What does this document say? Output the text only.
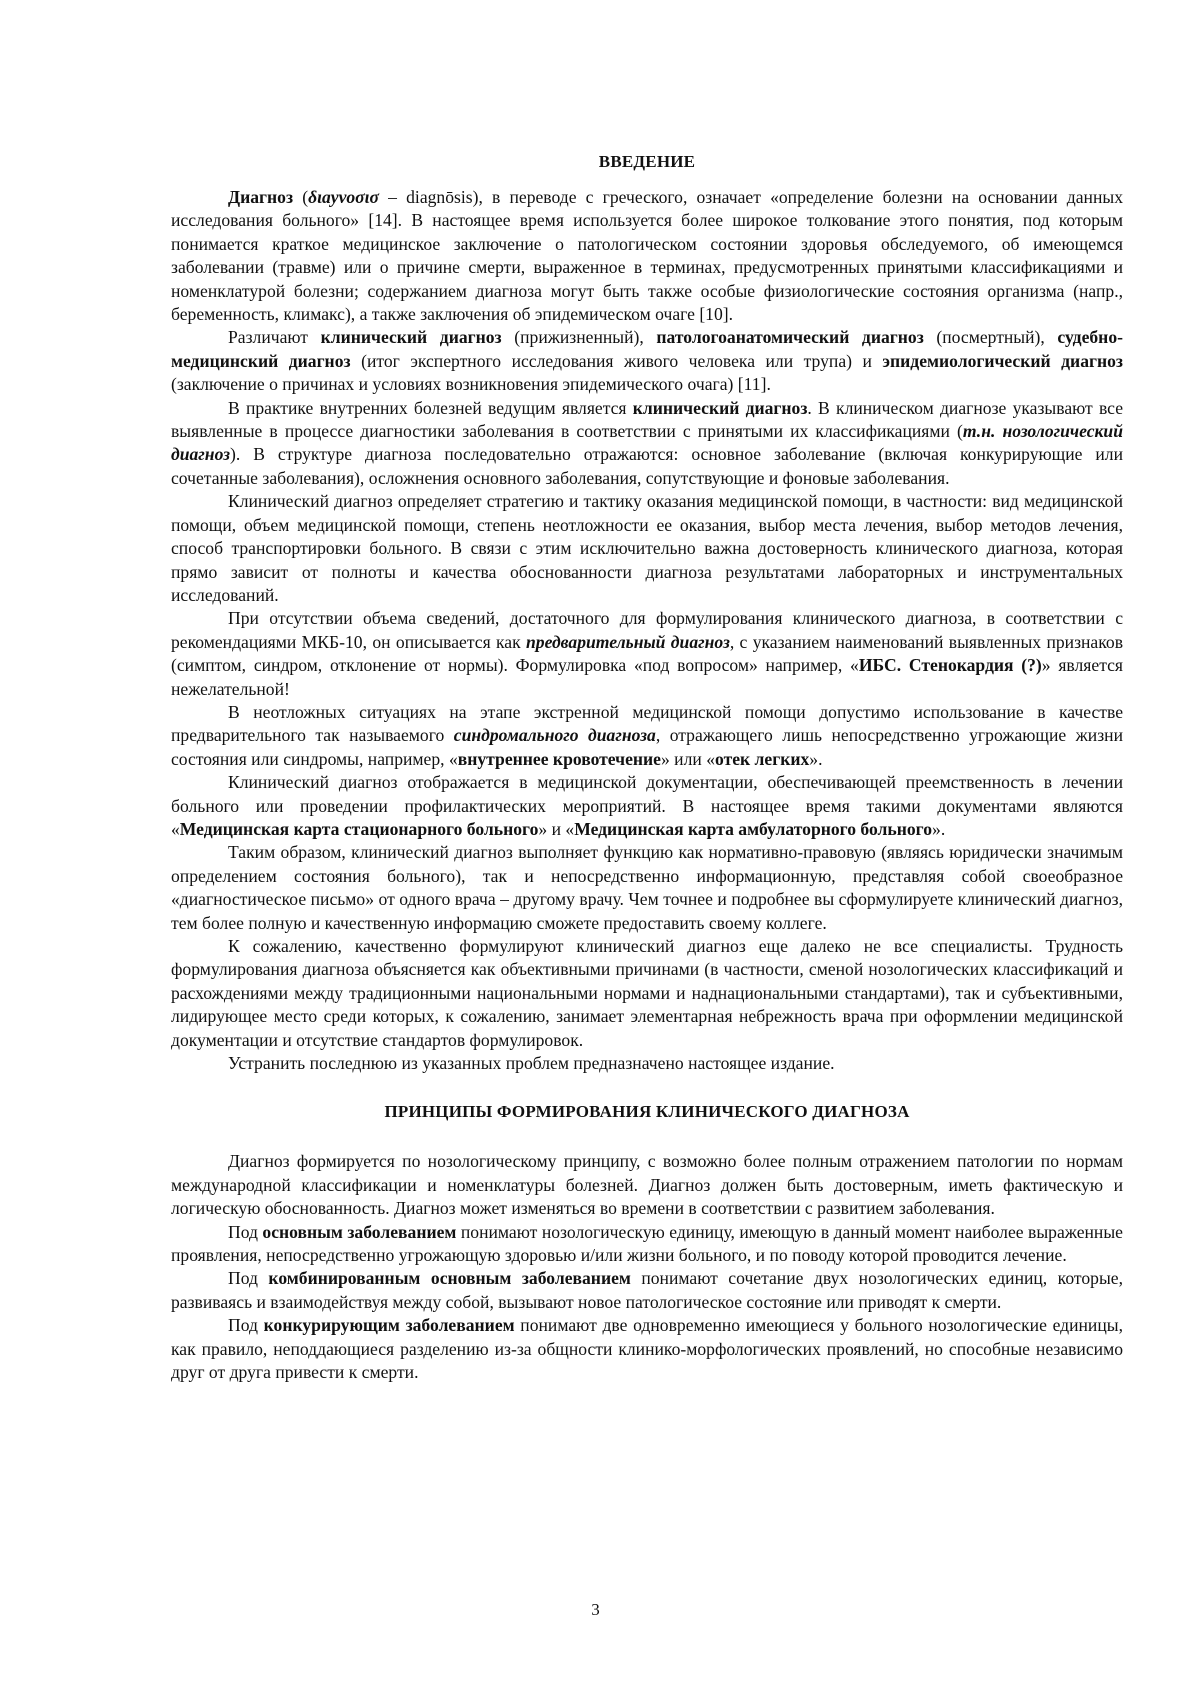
ВВЕДЕНИЕ

Диагноз (διayvoσισ – diagnōsis), в переводе с греческого, означает «определение болезни на основании данных исследования больного» [14]. В настоящее время используется более широкое толкование этого понятия, под которым понимается краткое медицинское заключение о патологическом состоянии здоровья обследуемого, об имеющемся заболевании (травме) или о причине смерти, выраженное в терминах, предусмотренных принятыми классификациями и номенклатурой болезни; содержанием диагноза могут быть также особые физиологические состояния организма (напр., беременность, климакс), а также заключения об эпидемическом очаге [10].

Различают клинический диагноз (прижизненный), патологоанатомический диагноз (посмертный), судебно-медицинский диагноз (итог экспертного исследования живого человека или трупа) и эпидемиологический диагноз (заключение о причинах и условиях возникновения эпидемического очага) [11].

В практике внутренних болезней ведущим является клинический диагноз. В клиническом диагнозе указывают все выявленные в процессе диагностики заболевания в соответствии с принятыми их классификациями (т.н. нозологический диагноз). В структуре диагноза последовательно отражаются: основное заболевание (включая конкурирующие или сочетанные заболевания), осложнения основного заболевания, сопутствующие и фоновые заболевания.

Клинический диагноз определяет стратегию и тактику оказания медицинской помощи, в частности: вид медицинской помощи, объем медицинской помощи, степень неотложности ее оказания, выбор места лечения, выбор методов лечения, способ транспортировки больного. В связи с этим исключительно важна достоверность клинического диагноза, которая прямо зависит от полноты и качества обоснованности диагноза результатами лабораторных и инструментальных исследований.

При отсутствии объема сведений, достаточного для формулирования клинического диагноза, в соответствии с рекомендациями МКБ-10, он описывается как предварительный диагноз, с указанием наименований выявленных признаков (симптом, синдром, отклонение от нормы). Формулировка «под вопросом» например, «ИБС. Стенокардия (?)» является нежелательной!

В неотложных ситуациях на этапе экстренной медицинской помощи допустимо использование в качестве предварительного так называемого синдромального диагноза, отражающего лишь непосредственно угрожающие жизни состояния или синдромы, например, «внутреннее кровотечение» или «отек легких».

Клинический диагноз отображается в медицинской документации, обеспечивающей преемственность в лечении больного или проведении профилактических мероприятий. В настоящее время такими документами являются «Медицинская карта стационарного больного» и «Медицинская карта амбулаторного больного».

Таким образом, клинический диагноз выполняет функцию как нормативно-правовую (являясь юридически значимым определением состояния больного), так и непосредственно информационную, представляя собой своеобразное «диагностическое письмо» от одного врача – другому врачу. Чем точнее и подробнее вы сформулируете клинический диагноз, тем более полную и качественную информацию сможете предоставить своему коллеге.

К сожалению, качественно формулируют клинический диагноз еще далеко не все специалисты. Трудность формулирования диагноза объясняется как объективными причинами (в частности, сменой нозологических классификаций и расхождениями между традиционными национальными нормами и наднациональными стандартами), так и субъективными, лидирующее место среди которых, к сожалению, занимает элементарная небрежность врача при оформлении медицинской документации и отсутствие стандартов формулировок.

Устранить последнюю из указанных проблем предназначено настоящее издание.

ПРИНЦИПЫ ФОРМИРОВАНИЯ КЛИНИЧЕСКОГО ДИАГНОЗА

Диагноз формируется по нозологическому принципу, с возможно более полным отражением патологии по нормам международной классификации и номенклатуры болезней. Диагноз должен быть достоверным, иметь фактическую и логическую обоснованность. Диагноз может изменяться во времени в соответствии с развитием заболевания.

Под основным заболеванием понимают нозологическую единицу, имеющую в данный момент наиболее выраженные проявления, непосредственно угрожающую здоровью и/или жизни больного, и по поводу которой проводится лечение.

Под комбинированным основным заболеванием понимают сочетание двух нозологических единиц, которые, развиваясь и взаимодействуя между собой, вызывают новое патологическое состояние или приводят к смерти.

Под конкурирующим заболеванием понимают две одновременно имеющиеся у больного нозологические единицы, как правило, неподдающиеся разделению из-за общности клинико-морфологических проявлений, но способные независимо друг от друга привести к смерти.

3
